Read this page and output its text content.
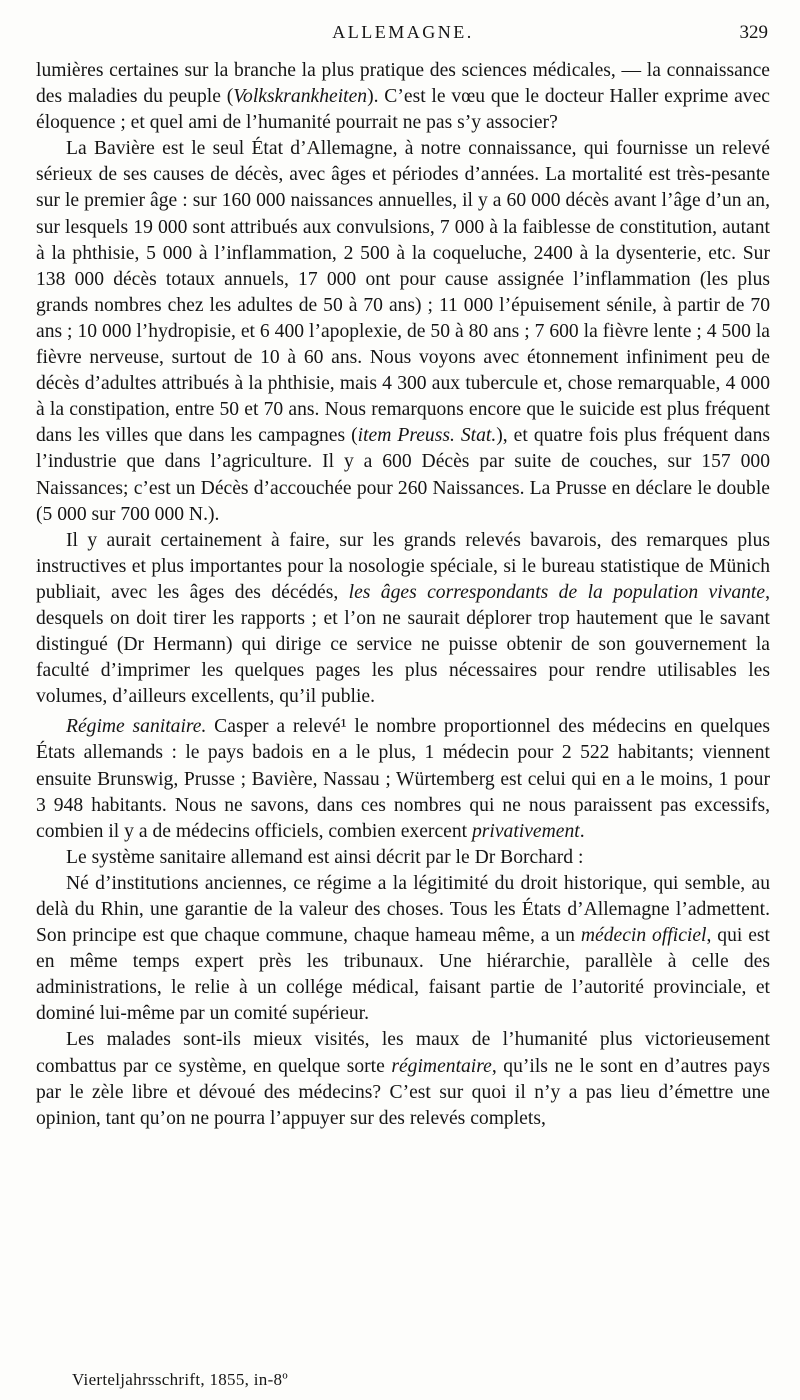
ALLEMAGNE.	329

lumières certaines sur la branche la plus pratique des sciences médicales, — la connaissance des maladies du peuple (Volkskrankheiten). C’est le vœu que le docteur Haller exprime avec éloquence ; et quel ami de l’humanité pourrait ne pas s’y associer?

La Bavière est le seul État d’Allemagne, à notre connaissance, qui fournisse un relevé sérieux de ses causes de décès, avec âges et périodes d’années. La mortalité est très-pesante sur le premier âge : sur 160 000 naissances annuelles, il y a 60 000 décès avant l’âge d’un an, sur lesquels 19 000 sont attribués aux convulsions, 7 000 à la faiblesse de constitution, autant à la phthisie, 5 000 à l’inflammation, 2 500 à la coqueluche, 2400 à la dysenterie, etc. Sur 138 000 décès totaux annuels, 17 000 ont pour cause assignée l’inflammation (les plus grands nombres chez les adultes de 50 à 70 ans) ; 11 000 l’épuisement sénile, à partir de 70 ans ; 10 000 l’hydropisie, et 6 400 l’apoplexie, de 50 à 80 ans ; 7 600 la fièvre lente ; 4 500 la fièvre nerveuse, surtout de 10 à 60 ans. Nous voyons avec étonnement infiniment peu de décès d’adultes attribués à la phthisie, mais 4 300 aux tubercule et, chose remarquable, 4 000 à la constipation, entre 50 et 70 ans. Nous remarquons encore que le suicide est plus fréquent dans les villes que dans les campagnes (item Preuss. Stat.), et quatre fois plus fréquent dans l’industrie que dans l’agriculture. Il y a 600 Décès par suite de couches, sur 157 000 Naissances; c’est un Décès d’accouchée pour 260 Naissances. La Prusse en déclare le double (5 000 sur 700 000 N.).

Il y aurait certainement à faire, sur les grands relevés bavarois, des remarques plus instructives et plus importantes pour la nosologie spéciale, si le bureau statistique de Münich publiait, avec les âges des décédés, les âges correspondants de la population vivante, desquels on doit tirer les rapports ; et l’on ne saurait déplorer trop hautement que le savant distingué (Dr Hermann) qui dirige ce service ne puisse obtenir de son gouvernement la faculté d’imprimer les quelques pages les plus nécessaires pour rendre utilisables les volumes, d’ailleurs excellents, qu’il publie.

Régime sanitaire. Casper a relevé¹ le nombre proportionnel des médecins en quelques États allemands : le pays badois en a le plus, 1 médecin pour 2 522 habitants; viennent ensuite Brunswig, Prusse ; Bavière, Nassau ; Würtemberg est celui qui en a le moins, 1 pour 3 948 habitants. Nous ne savons, dans ces nombres qui ne nous paraissent pas excessifs, combien il y a de médecins officiels, combien exercent privativement.

Le système sanitaire allemand est ainsi décrit par le Dr Borchard :

Né d’institutions anciennes, ce régime a la légitimité du droit historique, qui semble, au delà du Rhin, une garantie de la valeur des choses. Tous les États d’Allemagne l’admettent. Son principe est que chaque commune, chaque hameau même, a un médecin officiel, qui est en même temps expert près les tribunaux. Une hiérarchie, parallèle à celle des administrations, le relie à un collége médical, faisant partie de l’autorité provinciale, et dominé lui-même par un comité supérieur.

Les malades sont-ils mieux visités, les maux de l’humanité plus victorieusement combattus par ce système, en quelque sorte régimentaire, qu’ils ne le sont en d’autres pays par le zèle libre et dévoué des médecins? C’est sur quoi il n’y a pas lieu d’émettre une opinion, tant qu’on ne pourra l’appuyer sur des relevés complets,

Vierteljahrsschrift, 1855, in-8º
